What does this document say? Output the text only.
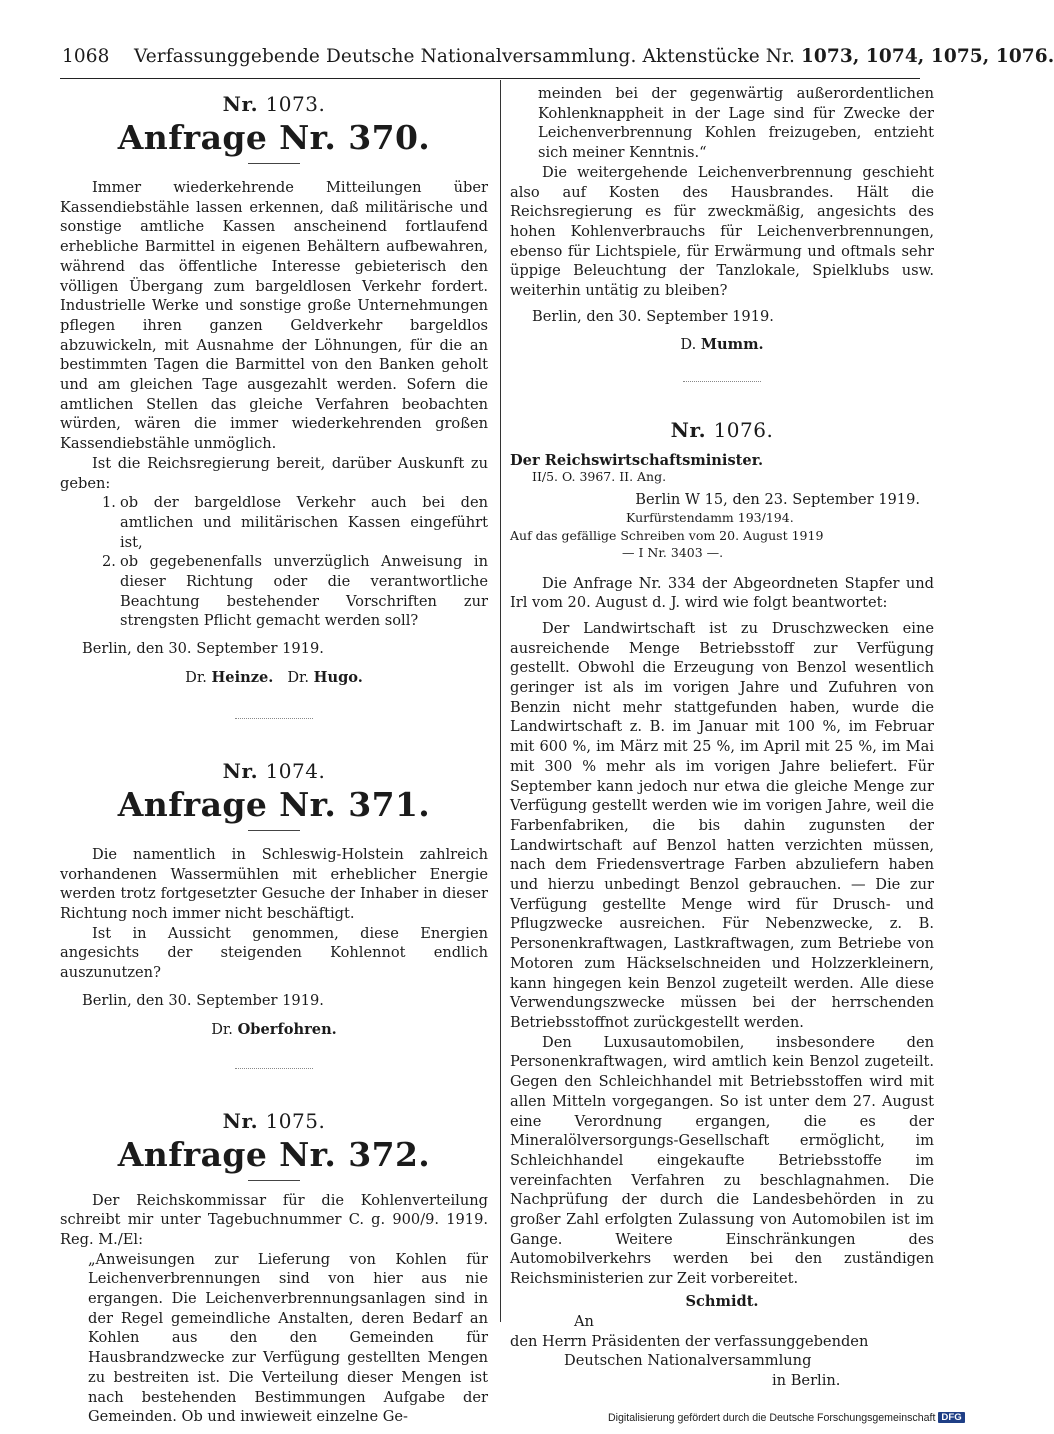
1068 Verfassunggebende Deutsche Nationalversammlung. Aktenstücke Nr. 1073, 1074, 1075, 1076.
Nr. 1073.
Anfrage Nr. 370.

Immer wiederkehrende Mitteilungen über Kassendiebstähle lassen erkennen, daß militärische und sonstige amtliche Kassen anscheinend fortlaufend erhebliche Barmittel in eigenen Behältern aufbewahren, während das öffentliche Interesse gebieterisch den völligen Übergang zum bargeldlosen Verkehr fordert. Industrielle Werke und sonstige große Unternehmungen pflegen ihren ganzen Geldverkehr bargeldlos abzuwickeln, mit Ausnahme der Löhnungen, für die an bestimmten Tagen die Barmittel von den Banken geholt und am gleichen Tage ausgezahlt werden. Sofern die amtlichen Stellen das gleiche Verfahren beobachten würden, wären die immer wiederkehrenden großen Kassendiebstähle unmöglich.

Ist die Reichsregierung bereit, darüber Auskunft zu geben:

1. ob der bargeldlose Verkehr auch bei den amtlichen und militärischen Kassen eingeführt ist,
2. ob gegebenenfalls unverzüglich Anweisung in dieser Richtung oder die verantwortliche Beachtung bestehender Vorschriften zur strengsten Pflicht gemacht werden soll?
Berlin, den 30. September 1919.
Dr. Heinze. Dr. Hugo.
Nr. 1074.
Anfrage Nr. 371.

Die namentlich in Schleswig-Holstein zahlreich vorhandenen Wassermühlen mit erheblicher Energie werden trotz fortgesetzter Gesuche der Inhaber in dieser Richtung noch immer nicht beschäftigt.

Ist in Aussicht genommen, diese Energien angesichts der steigenden Kohlennot endlich auszunutzen?

Berlin, den 30. September 1919.
Dr. Oberfohren.
Nr. 1075.
Anfrage Nr. 372.

Der Reichskommissar für die Kohlenverteilung schreibt mir unter Tagebuchnummer C. g. 900/9. 1919. Reg. M./El:

„Anweisungen zur Lieferung von Kohlen für Leichenverbrennungen sind von hier aus nie ergangen. Die Leichenverbrennungsanlagen sind in der Regel gemeindliche Anstalten, deren Bedarf an Kohlen aus den den Gemeinden für Hausbrandzwecke zur Verfügung gestellten Mengen zu bestreiten ist. Die Verteilung dieser Mengen ist nach bestehenden Bestimmungen Aufgabe der Gemeinden. Ob und inwieweit einzelne Ge-

meinden bei der gegenwärtig außerordentlichen Kohlenknappheit in der Lage sind für Zwecke der Leichenverbrennung Kohlen freizugeben, entzieht sich meiner Kenntnis.“

Die weitergehende Leichenverbrennung geschieht also auf Kosten des Hausbrandes. Hält die Reichsregierung es für zweckmäßig, angesichts des hohen Kohlenverbrauchs für Leichenverbrennungen, ebenso für Lichtspiele, für Erwärmung und oftmals sehr üppige Beleuchtung der Tanzlokale, Spielklubs usw. weiterhin untätig zu bleiben?

Berlin, den 30. September 1919.
D. Mumm.
Nr. 1076.
Der Reichswirtschaftsminister.
II/5. O. 3967. II. Ang.
Berlin W 15, den 23. September 1919.
Kurfürstendamm 193/194.
Auf das gefällige Schreiben vom 20. August 1919
— I Nr. 3403 —.

Die Anfrage Nr. 334 der Abgeordneten Stapfer und Irl vom 20. August d. J. wird wie folgt beantwortet:

Der Landwirtschaft ist zu Druschzwecken eine ausreichende Menge Betriebsstoff zur Verfügung gestellt. Obwohl die Erzeugung von Benzol wesentlich geringer ist als im vorigen Jahre und Zufuhren von Benzin nicht mehr stattgefunden haben, wurde die Landwirtschaft z. B. im Januar mit 100 %, im Februar mit 600 %, im März mit 25 %, im April mit 25 %, im Mai mit 300 % mehr als im vorigen Jahre beliefert. Für September kann jedoch nur etwa die gleiche Menge zur Verfügung gestellt werden wie im vorigen Jahre, weil die Farbenfabriken, die bis dahin zugunsten der Landwirtschaft auf Benzol hatten verzichten müssen, nach dem Friedensvertrage Farben abzuliefern haben und hierzu unbedingt Benzol gebrauchen. — Die zur Verfügung gestellte Menge wird für Drusch- und Pflugzwecke ausreichen. Für Nebenzwecke, z. B. Personenkraftwagen, Lastkraftwagen, zum Betriebe von Motoren zum Häckselschneiden und Holzzerkleinern, kann hingegen kein Benzol zugeteilt werden. Alle diese Verwendungszwecke müssen bei der herrschenden Betriebsstoffnot zurückgestellt werden.

Den Luxusautomobilen, insbesondere den Personenkraftwagen, wird amtlich kein Benzol zugeteilt. Gegen den Schleichhandel mit Betriebsstoffen wird mit allen Mitteln vorgegangen. So ist unter dem 27. August eine Verordnung ergangen, die es der Mineralölversorgungs-Gesellschaft ermöglicht, im Schleichhandel eingekaufte Betriebsstoffe im vereinfachten Verfahren zu beschlagnahmen. Die Nachprüfung der durch die Landesbehörden in zu großer Zahl erfolgten Zulassung von Automobilen ist im Gange. Weitere Einschränkungen des Automobilverkehrs werden bei den zuständigen Reichsministerien zur Zeit vorbereitet.

Schmidt.
An
den Herrn Präsidenten der verfassunggebenden
Deutschen Nationalversammlung
in Berlin.
Digitalisierung gefördert durch die Deutsche Forschungsgemeinschaft DFG
